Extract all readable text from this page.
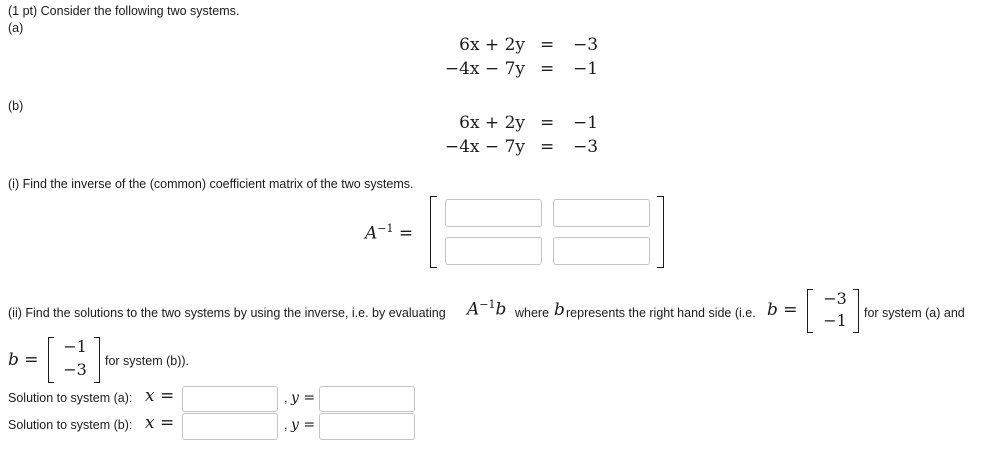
(1 pt) Consider the following two systems.
(a)
6x + 2y = −3
−4x − 7y = −1
(b)
6x + 2y = −1
−4x − 7y = −3
(i) Find the inverse of the (common) coefficient matrix of the two systems.
$A^{-1}$ =
(ii) Find the solutions to the two systems by using the inverse, i.e. by evaluating $A^{-1}b$ where b represents the right hand side (i.e. b =
−3
−1	for system (a) and
b =
−1
−3	for system (b)).
Solution to system (a): x =	, y =
Solution to system (b): x =	, y =
